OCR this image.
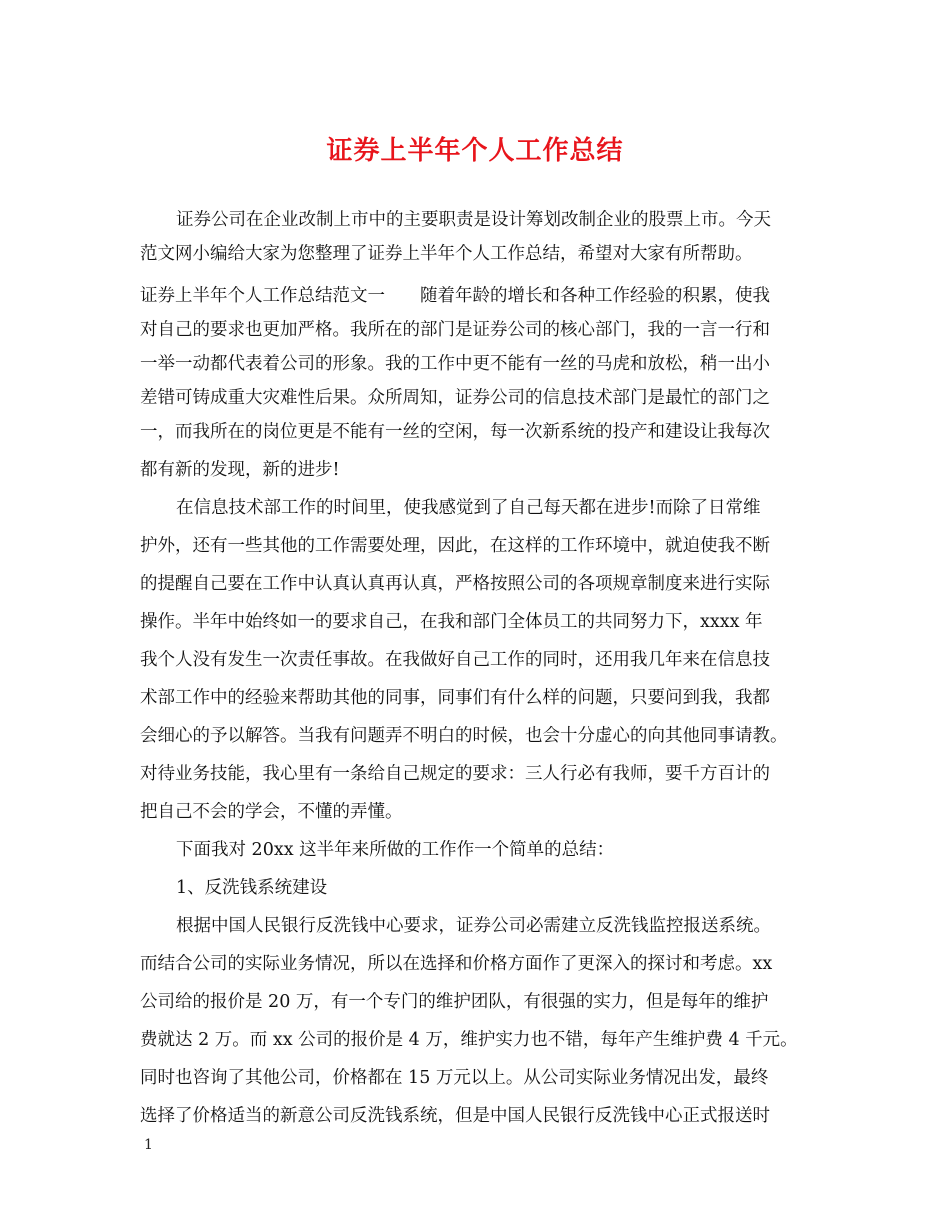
证券上半年个人工作总结
证券公司在企业改制上市中的主要职责是设计筹划改制企业的股票上市。今天
范文网小编给大家为您整理了证券上半年个人工作总结，希望对大家有所帮助。
证券上半年个人工作总结范文一　　随着年龄的增长和各种工作经验的积累，使我
对自己的要求也更加严格。我所在的部门是证券公司的核心部门，我的一言一行和
一举一动都代表着公司的形象。我的工作中更不能有一丝的马虎和放松，稍一出小
差错可铸成重大灾难性后果。众所周知，证券公司的信息技术部门是最忙的部门之
一，而我所在的岗位更是不能有一丝的空闲，每一次新系统的投产和建设让我每次
都有新的发现，新的进步!
在信息技术部工作的时间里，使我感觉到了自己每天都在进步!而除了日常维
护外，还有一些其他的工作需要处理，因此，在这样的工作环境中，就迫使我不断
的提醒自己要在工作中认真认真再认真，严格按照公司的各项规章制度来进行实际
操作。半年中始终如一的要求自己，在我和部门全体员工的共同努力下，xxxx 年
我个人没有发生一次责任事故。在我做好自己工作的同时，还用我几年来在信息技
术部工作中的经验来帮助其他的同事，同事们有什么样的问题，只要问到我，我都
会细心的予以解答。当我有问题弄不明白的时候，也会十分虚心的向其他同事请教。
对待业务技能，我心里有一条给自己规定的要求：三人行必有我师，要千方百计的
把自己不会的学会，不懂的弄懂。
下面我对 20xx 这半年来所做的工作作一个简单的总结：
1、反洗钱系统建设
根据中国人民银行反洗钱中心要求，证券公司必需建立反洗钱监控报送系统。
而结合公司的实际业务情况，所以在选择和价格方面作了更深入的探讨和考虑。xx
公司给的报价是 20 万，有一个专门的维护团队，有很强的实力，但是每年的维护
费就达 2 万。而 xx 公司的报价是 4 万，维护实力也不错，每年产生维护费 4 千元。
同时也咨询了其他公司，价格都在 15 万元以上。从公司实际业务情况出发，最终
选择了价格适当的新意公司反洗钱系统，但是中国人民银行反洗钱中心正式报送时
1
